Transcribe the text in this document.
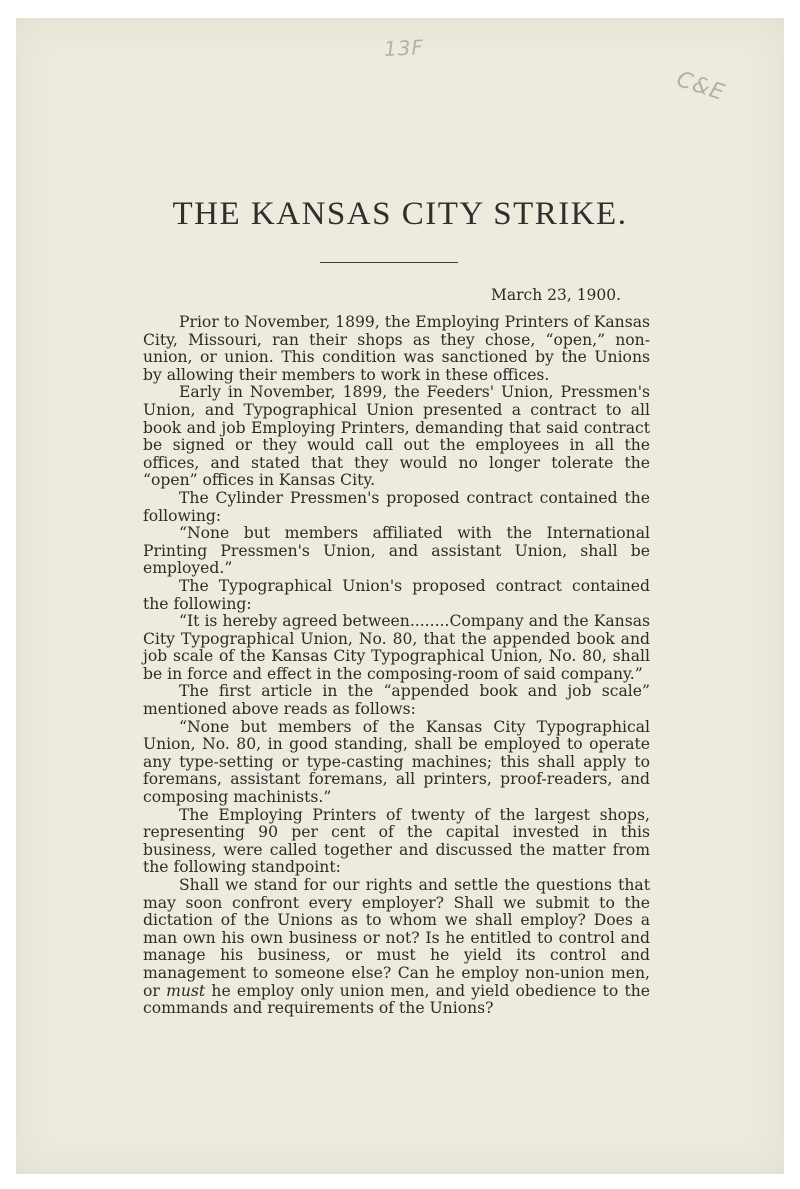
13F
C&E
THE KANSAS CITY STRIKE.
March 23, 1900.

Prior to November, 1899, the Employing Printers of Kansas City, Missouri, ran their shops as they chose, “open,” non-union, or union. This condition was sanctioned by the Unions by allowing their members to work in these offices.

Early in November, 1899, the Feeders' Union, Pressmen's Union, and Typographical Union presented a contract to all book and job Employing Printers, demanding that said contract be signed or they would call out the employees in all the offices, and stated that they would no longer tolerate the “open” offices in Kansas City.

The Cylinder Pressmen's proposed contract contained the following:

“None but members affiliated with the International Printing Pressmen's Union, and assistant Union, shall be employed.”

The Typographical Union's proposed contract contained the following:

“It is hereby agreed between........Company and the Kansas City Typographical Union, No. 80, that the appended book and job scale of the Kansas City Typographical Union, No. 80, shall be in force and effect in the composing-room of said company.”

The first article in the “appended book and job scale” mentioned above reads as follows:

“None but members of the Kansas City Typographical Union, No. 80, in good standing, shall be employed to operate any type-setting or type-casting machines; this shall apply to foremans, assistant foremans, all printers, proof-readers, and composing machinists.”

The Employing Printers of twenty of the largest shops, representing 90 per cent of the capital invested in this business, were called together and discussed the matter from the following standpoint:

Shall we stand for our rights and settle the questions that may soon confront every employer? Shall we submit to the dictation of the Unions as to whom we shall employ? Does a man own his own business or not? Is he entitled to control and manage his business, or must he yield its control and management to someone else? Can he employ non-union men, or must he employ only union men, and yield obedience to the commands and requirements of the Unions?
